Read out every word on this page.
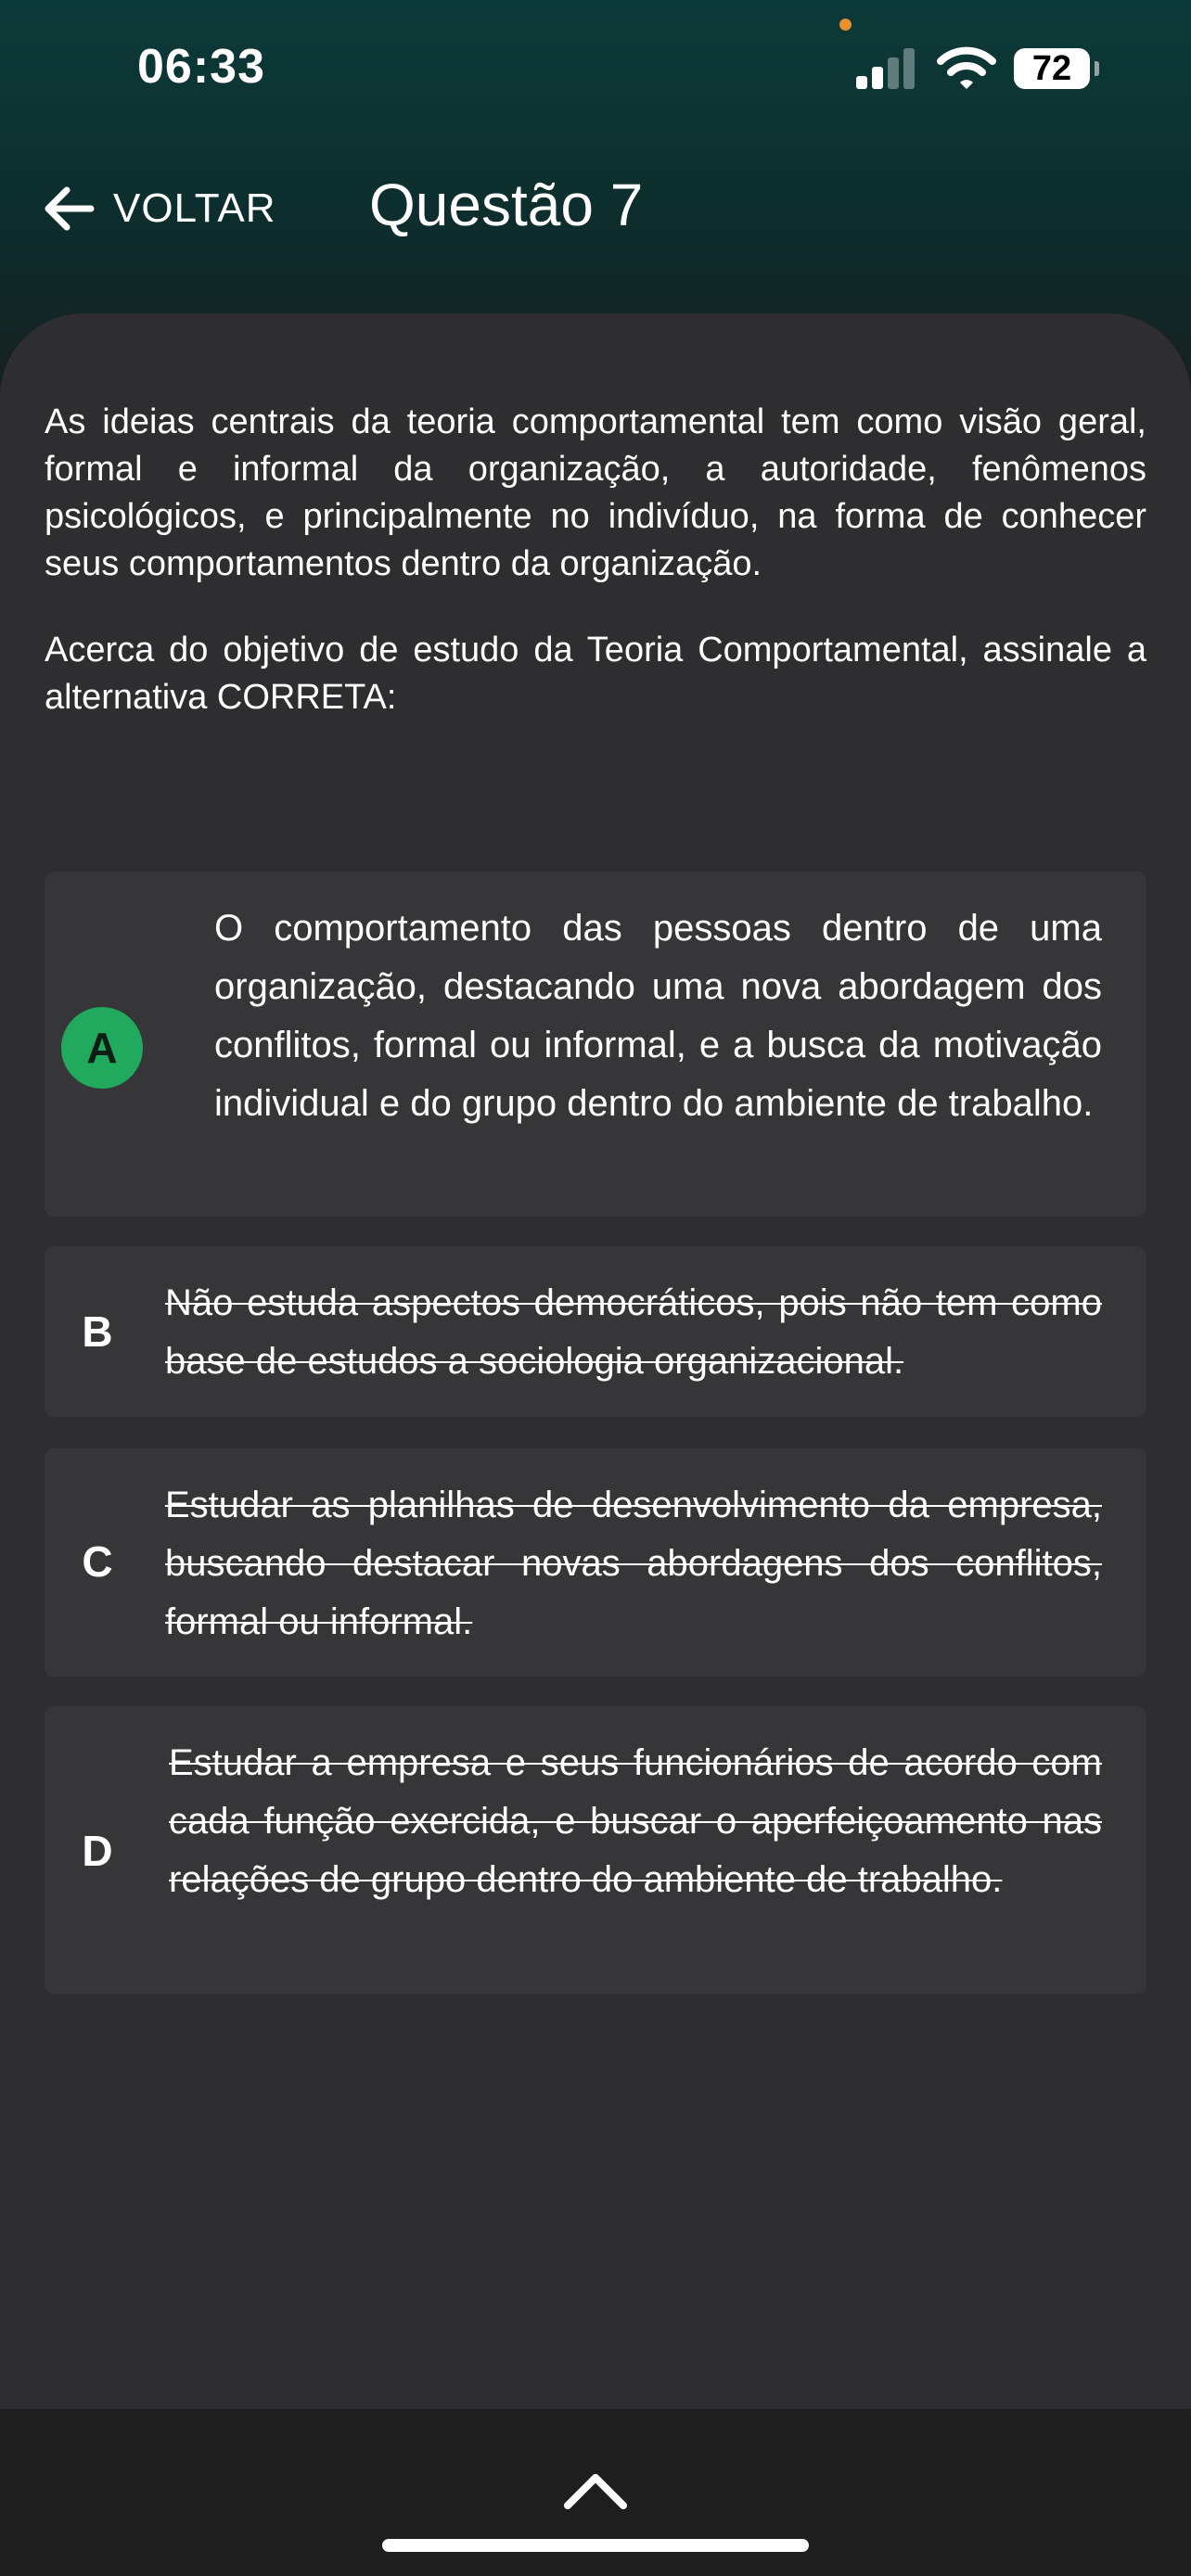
06:33	72
VOLTAR Questão 7
As ideias centrais da teoria comportamental tem como visão geral, formal e informal da organização, a autoridade, fenômenos psicológicos, e principalmente no indivíduo, na forma de conhecer seus comportamentos dentro da organização.
Acerca do objetivo de estudo da Teoria Comportamental, assinale a alternativa CORRETA:
A
O comportamento das pessoas dentro de uma organização, destacando uma nova abordagem dos conflitos, formal ou informal, e a busca da motivação individual e do grupo dentro do ambiente de trabalho.
B
Não estuda aspectos democráticos, pois não tem como base de estudos a sociologia organizacional.
C
Estudar as planilhas de desenvolvimento da empresa, buscando destacar novas abordagens dos conflitos, formal ou informal.
D
Estudar a empresa e seus funcionários de acordo com cada função exercida, e buscar o aperfeiçoamento nas relações de grupo dentro do ambiente de trabalho.
